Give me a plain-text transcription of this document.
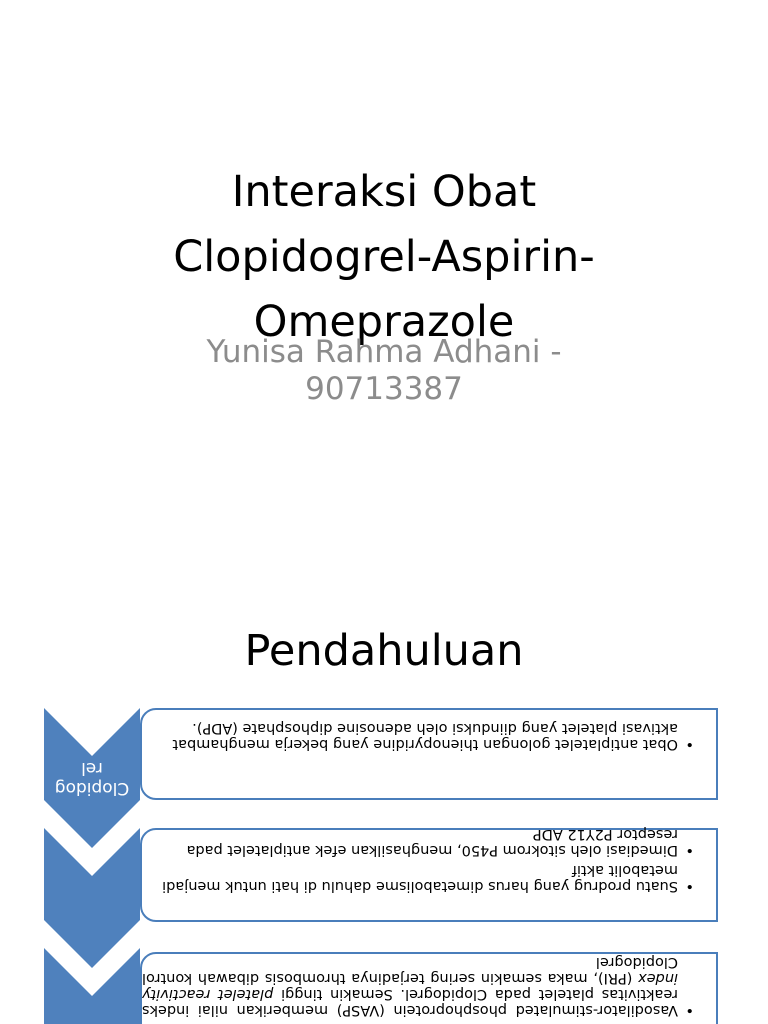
Interaksi Obat
Clopidogrel-Aspirin-
Omeprazole

Yunisa Rahma Adhani -
90713387

Pendahuluan
Clopidog
rel
• Obat antiplatelet golongan thienopyridine yang bekerja menghambat aktivasi platelet yang diinduksi oleh adenosine diphosphate (ADP).
• Suatu prodrug yang harus dimetabolisme dahulu di hati untuk menjadi metabolit aktif
• Dimediasi oleh sitokrom P450, menghasilkan efek antiplatelet pada reseptor P2Y12 ADP
• Vasodilator-stimulated phosphoprotein (VASP) memberikan nilai indeks reaktivitas platelet pada Clopidogrel. Semakin tinggi platelet reactivity index (PRI), maka semakin sering terjadinya thrombosis dibawah kontrol Clopidogrel
